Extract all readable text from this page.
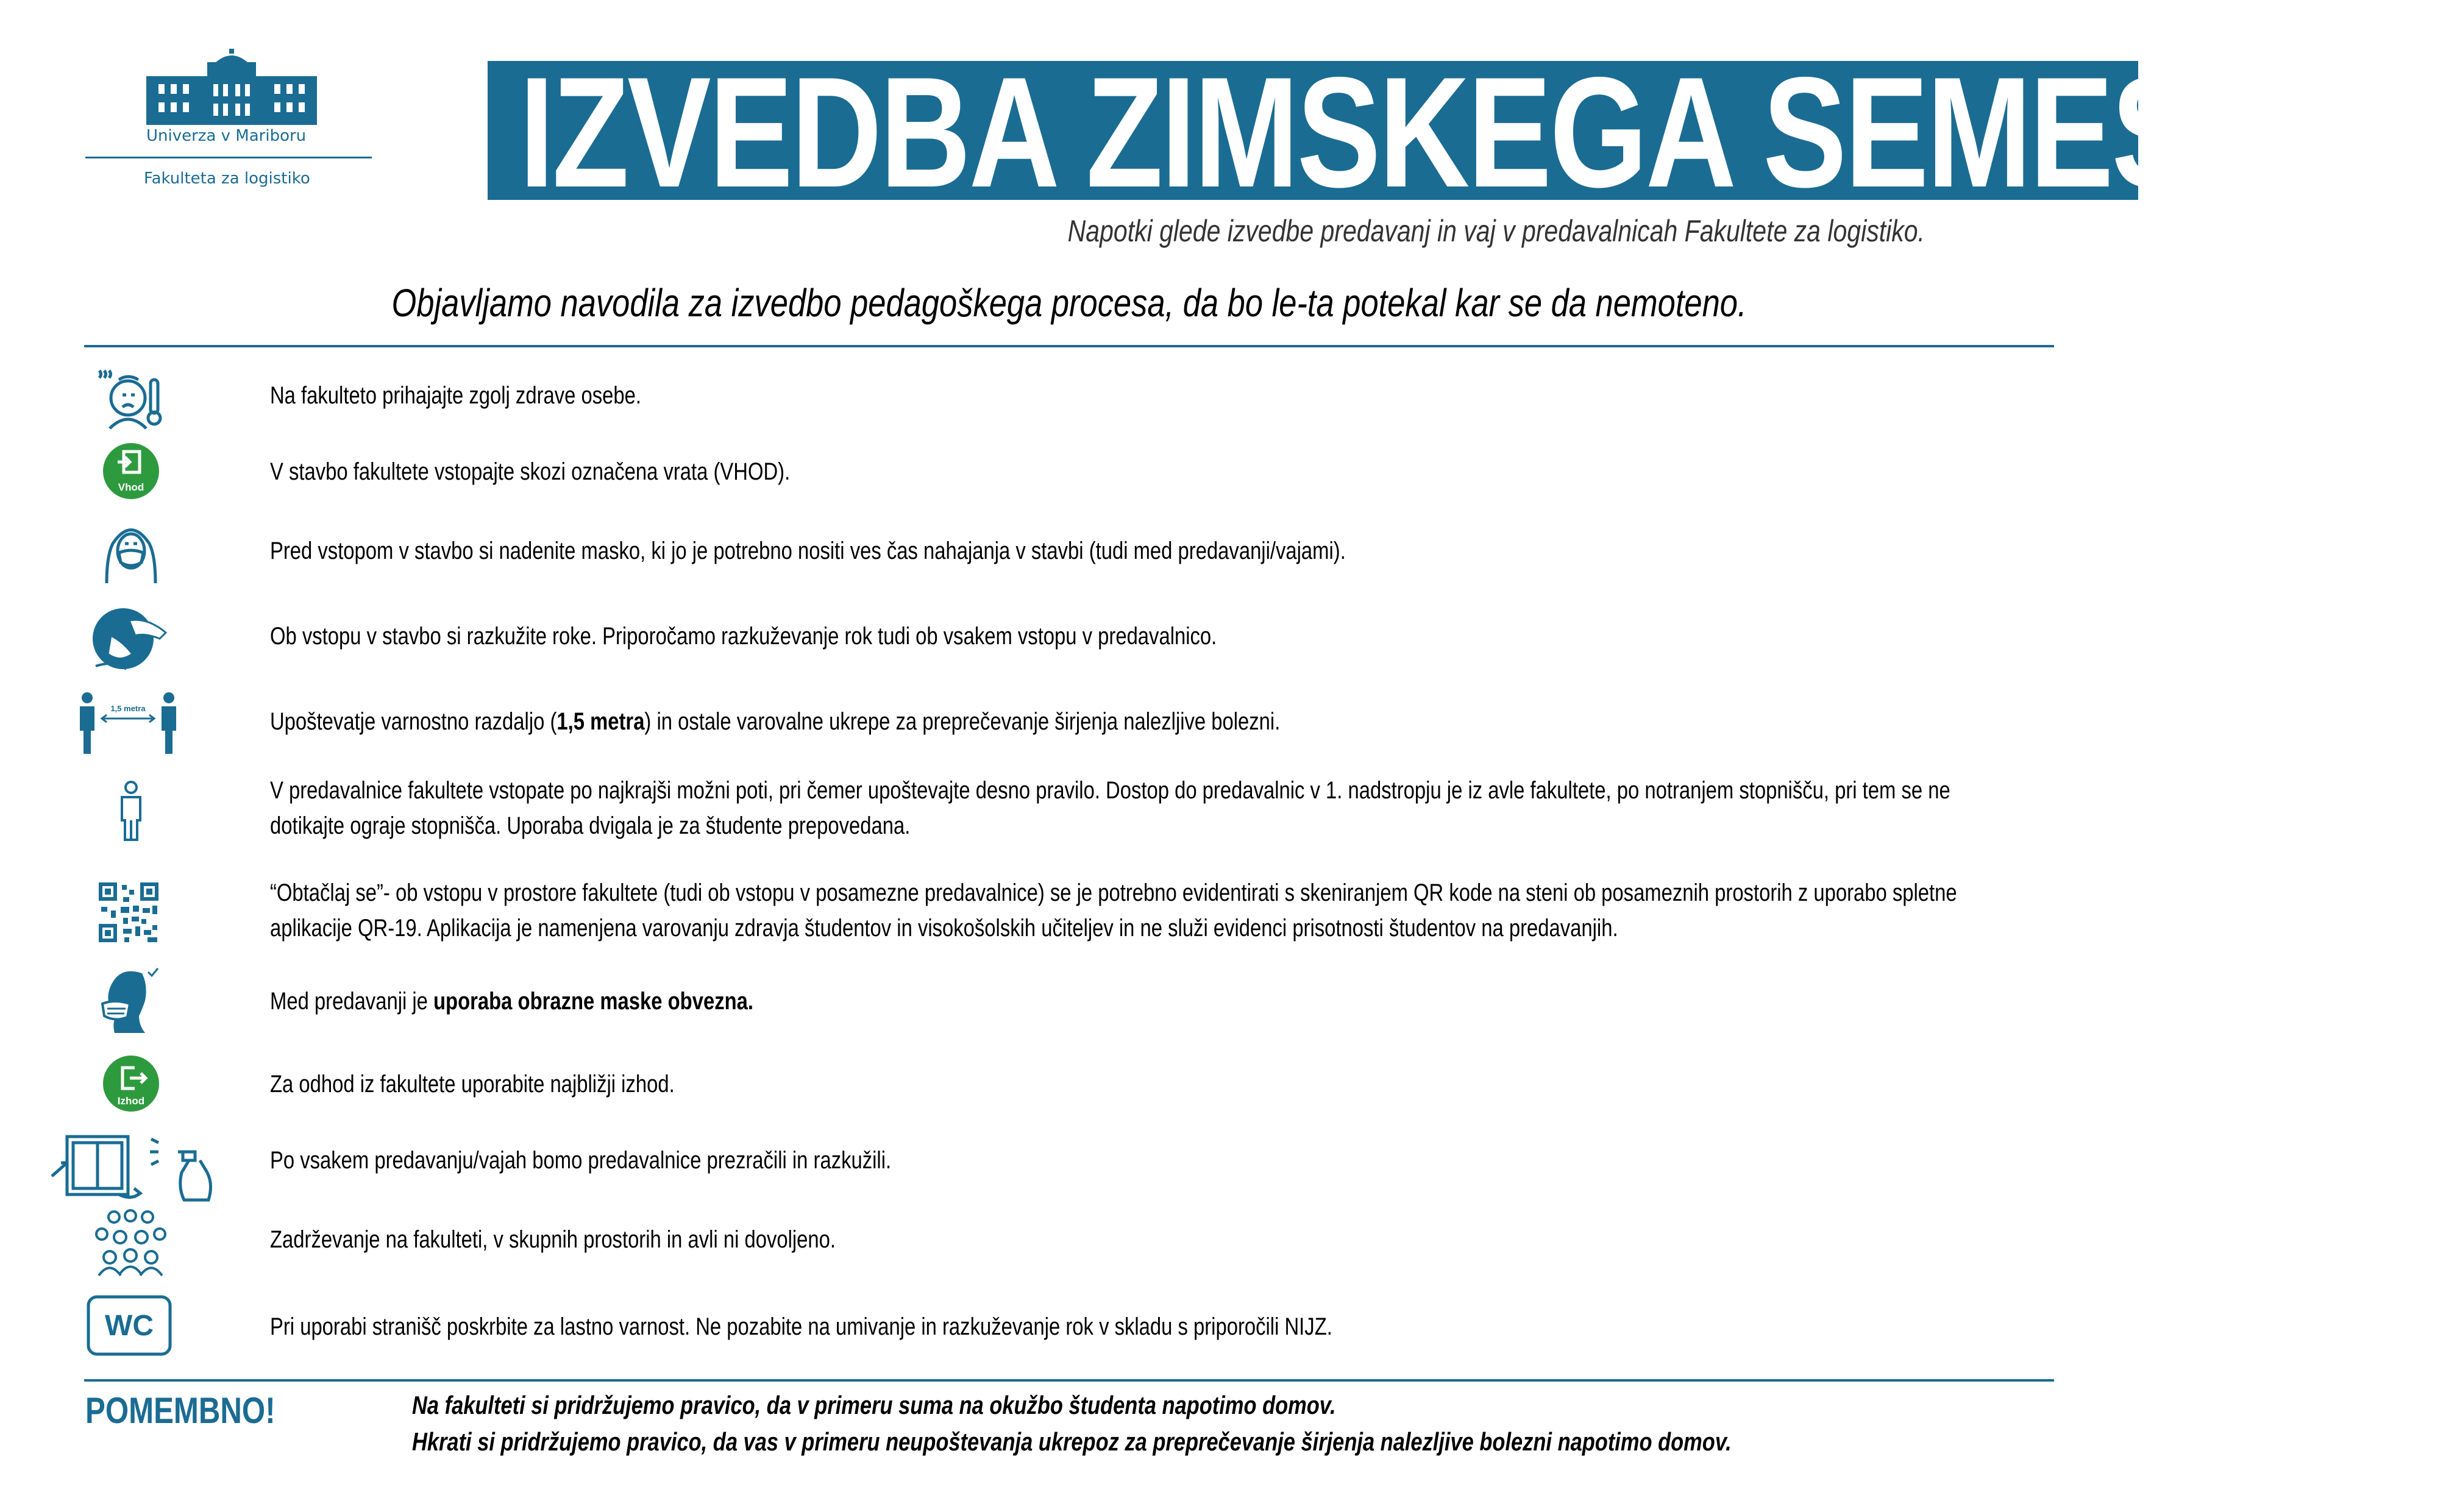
Univerza v Mariboru
Fakulteta za logistiko IZVEDBA ZIMSKEGA SEMESTRA
Napotki glede izvedbe predavanj in vaj v predavalnicah Fakultete za logistiko.
Objavljamo navodila za izvedbo pedagoškega procesa, da bo le-ta potekal kar se da nemoteno.
Na fakulteto prihajajte zgolj zdrave osebe.
Vhod
V stavbo fakultete vstopajte skozi označena vrata (VHOD).
Pred vstopom v stavbo si nadenite masko, ki jo je potrebno nositi ves čas nahajanja v stavbi (tudi med predavanji/vajami).
Ob vstopu v stavbo si razkužite roke. Priporočamo razkuževanje rok tudi ob vsakem vstopu v predavalnico.
1,5 metra	Upoštevatje varnostno razdaljo (1,5 metra) in ostale varovalne ukrepe za preprečevanje širjenja nalezljive bolezni.
V predavalnice fakultete vstopate po najkrajši možni poti, pri čemer upoštevajte desno pravilo. Dostop do predavalnic v 1. nadstropju je iz avle fakultete, po notranjem stopnišču, pri tem se ne
dotikajte ograje stopnišča. Uporaba dvigala je za študente prepovedana.
“Obtačlaj se”- ob vstopu v prostore fakultete (tudi ob vstopu v posamezne predavalnice) se je potrebno evidentirati s skeniranjem QR kode na steni ob posameznih prostorih z uporabo spletne
aplikacije QR-19. Aplikacija je namenjena varovanju zdravja študentov in visokošolskih učiteljev in ne služi evidenci prisotnosti študentov na predavanjih.
Med predavanji je uporaba obrazne maske obvezna.
Izhod
Za odhod iz fakultete uporabite najbližji izhod.
Po vsakem predavanju/vajah bomo predavalnice prezračili in razkužili.
Zadrževanje na fakulteti, v skupnih prostorih in avli ni dovoljeno.
WC	Pri uporabi stranišč poskrbite za lastno varnost. Ne pozabite na umivanje in razkuževanje rok v skladu s priporočili NIJZ.
POMEMBNO!	Na fakulteti si pridržujemo pravico, da v primeru suma na okužbo študenta napotimo domov.
Hkrati si pridržujemo pravico, da vas v primeru neupoštevanja ukrepoz za preprečevanje širjenja nalezljive bolezni napotimo domov.
